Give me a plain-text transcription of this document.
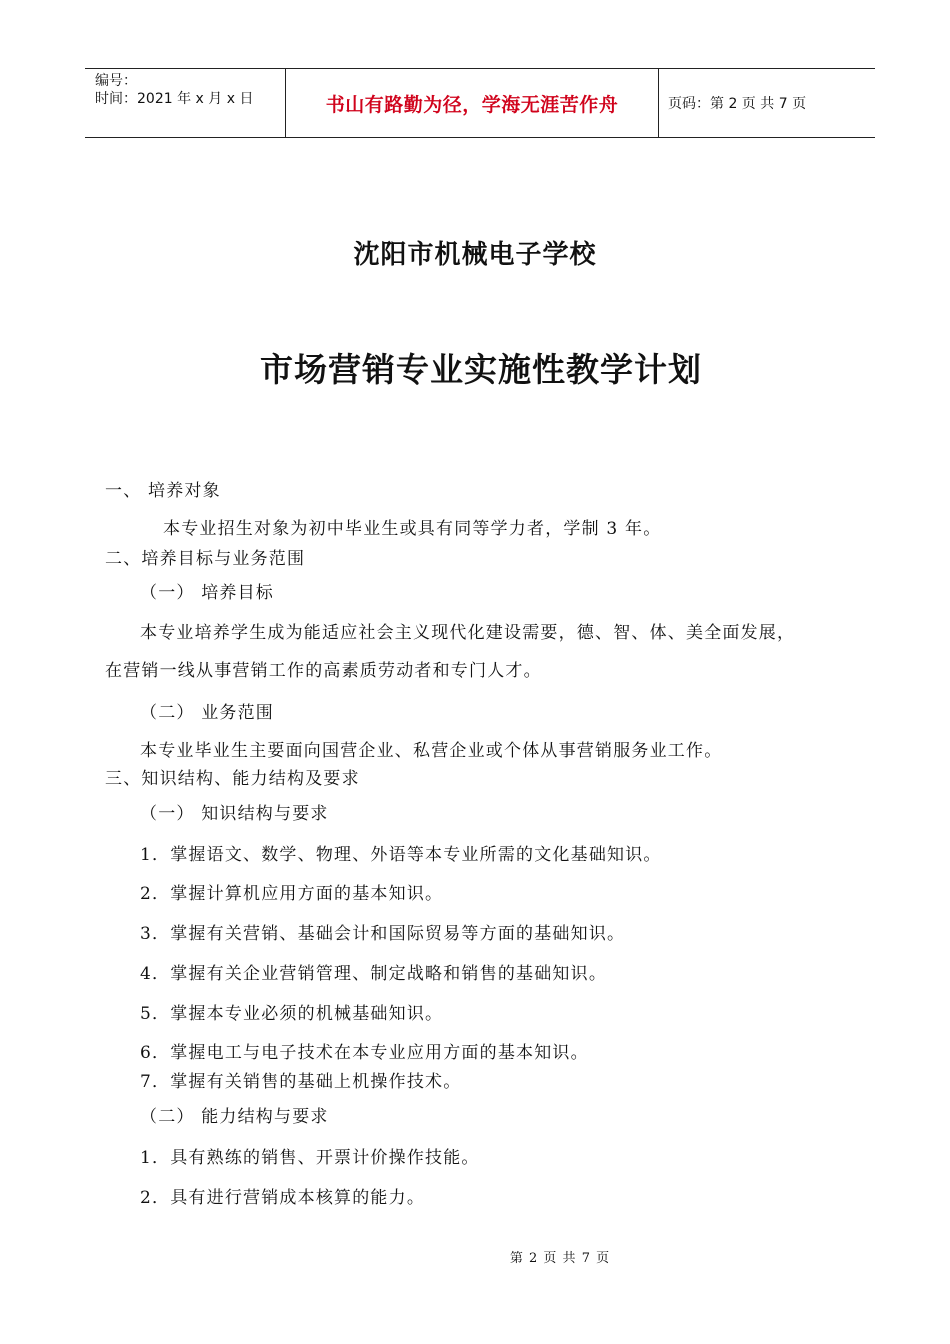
编号：
时间：2021 年 x 月 x 日	书山有路勤为径，学海无涯苦作舟	页码：第 2 页 共 7 页
沈阳市机械电子学校
市场营销专业实施性教学计划
一、 培养对象
本专业招生对象为初中毕业生或具有同等学力者，学制 3 年。
二、培养目标与业务范围
（一） 培养目标
本专业培养学生成为能适应社会主义现代化建设需要，德、智、体、美全面发展，
在营销一线从事营销工作的高素质劳动者和专门人才。
（二） 业务范围
本专业毕业生主要面向国营企业、私营企业或个体从事营销服务业工作。
三、知识结构、能力结构及要求
（一） 知识结构与要求
1．掌握语文、数学、物理、外语等本专业所需的文化基础知识。
2．掌握计算机应用方面的基本知识。
3．掌握有关营销、基础会计和国际贸易等方面的基础知识。
4．掌握有关企业营销管理、制定战略和销售的基础知识。
5．掌握本专业必须的机械基础知识。
6．掌握电工与电子技术在本专业应用方面的基本知识。
7．掌握有关销售的基础上机操作技术。
（二） 能力结构与要求
1．具有熟练的销售、开票计价操作技能。
2．具有进行营销成本核算的能力。
第 2 页 共 7 页
